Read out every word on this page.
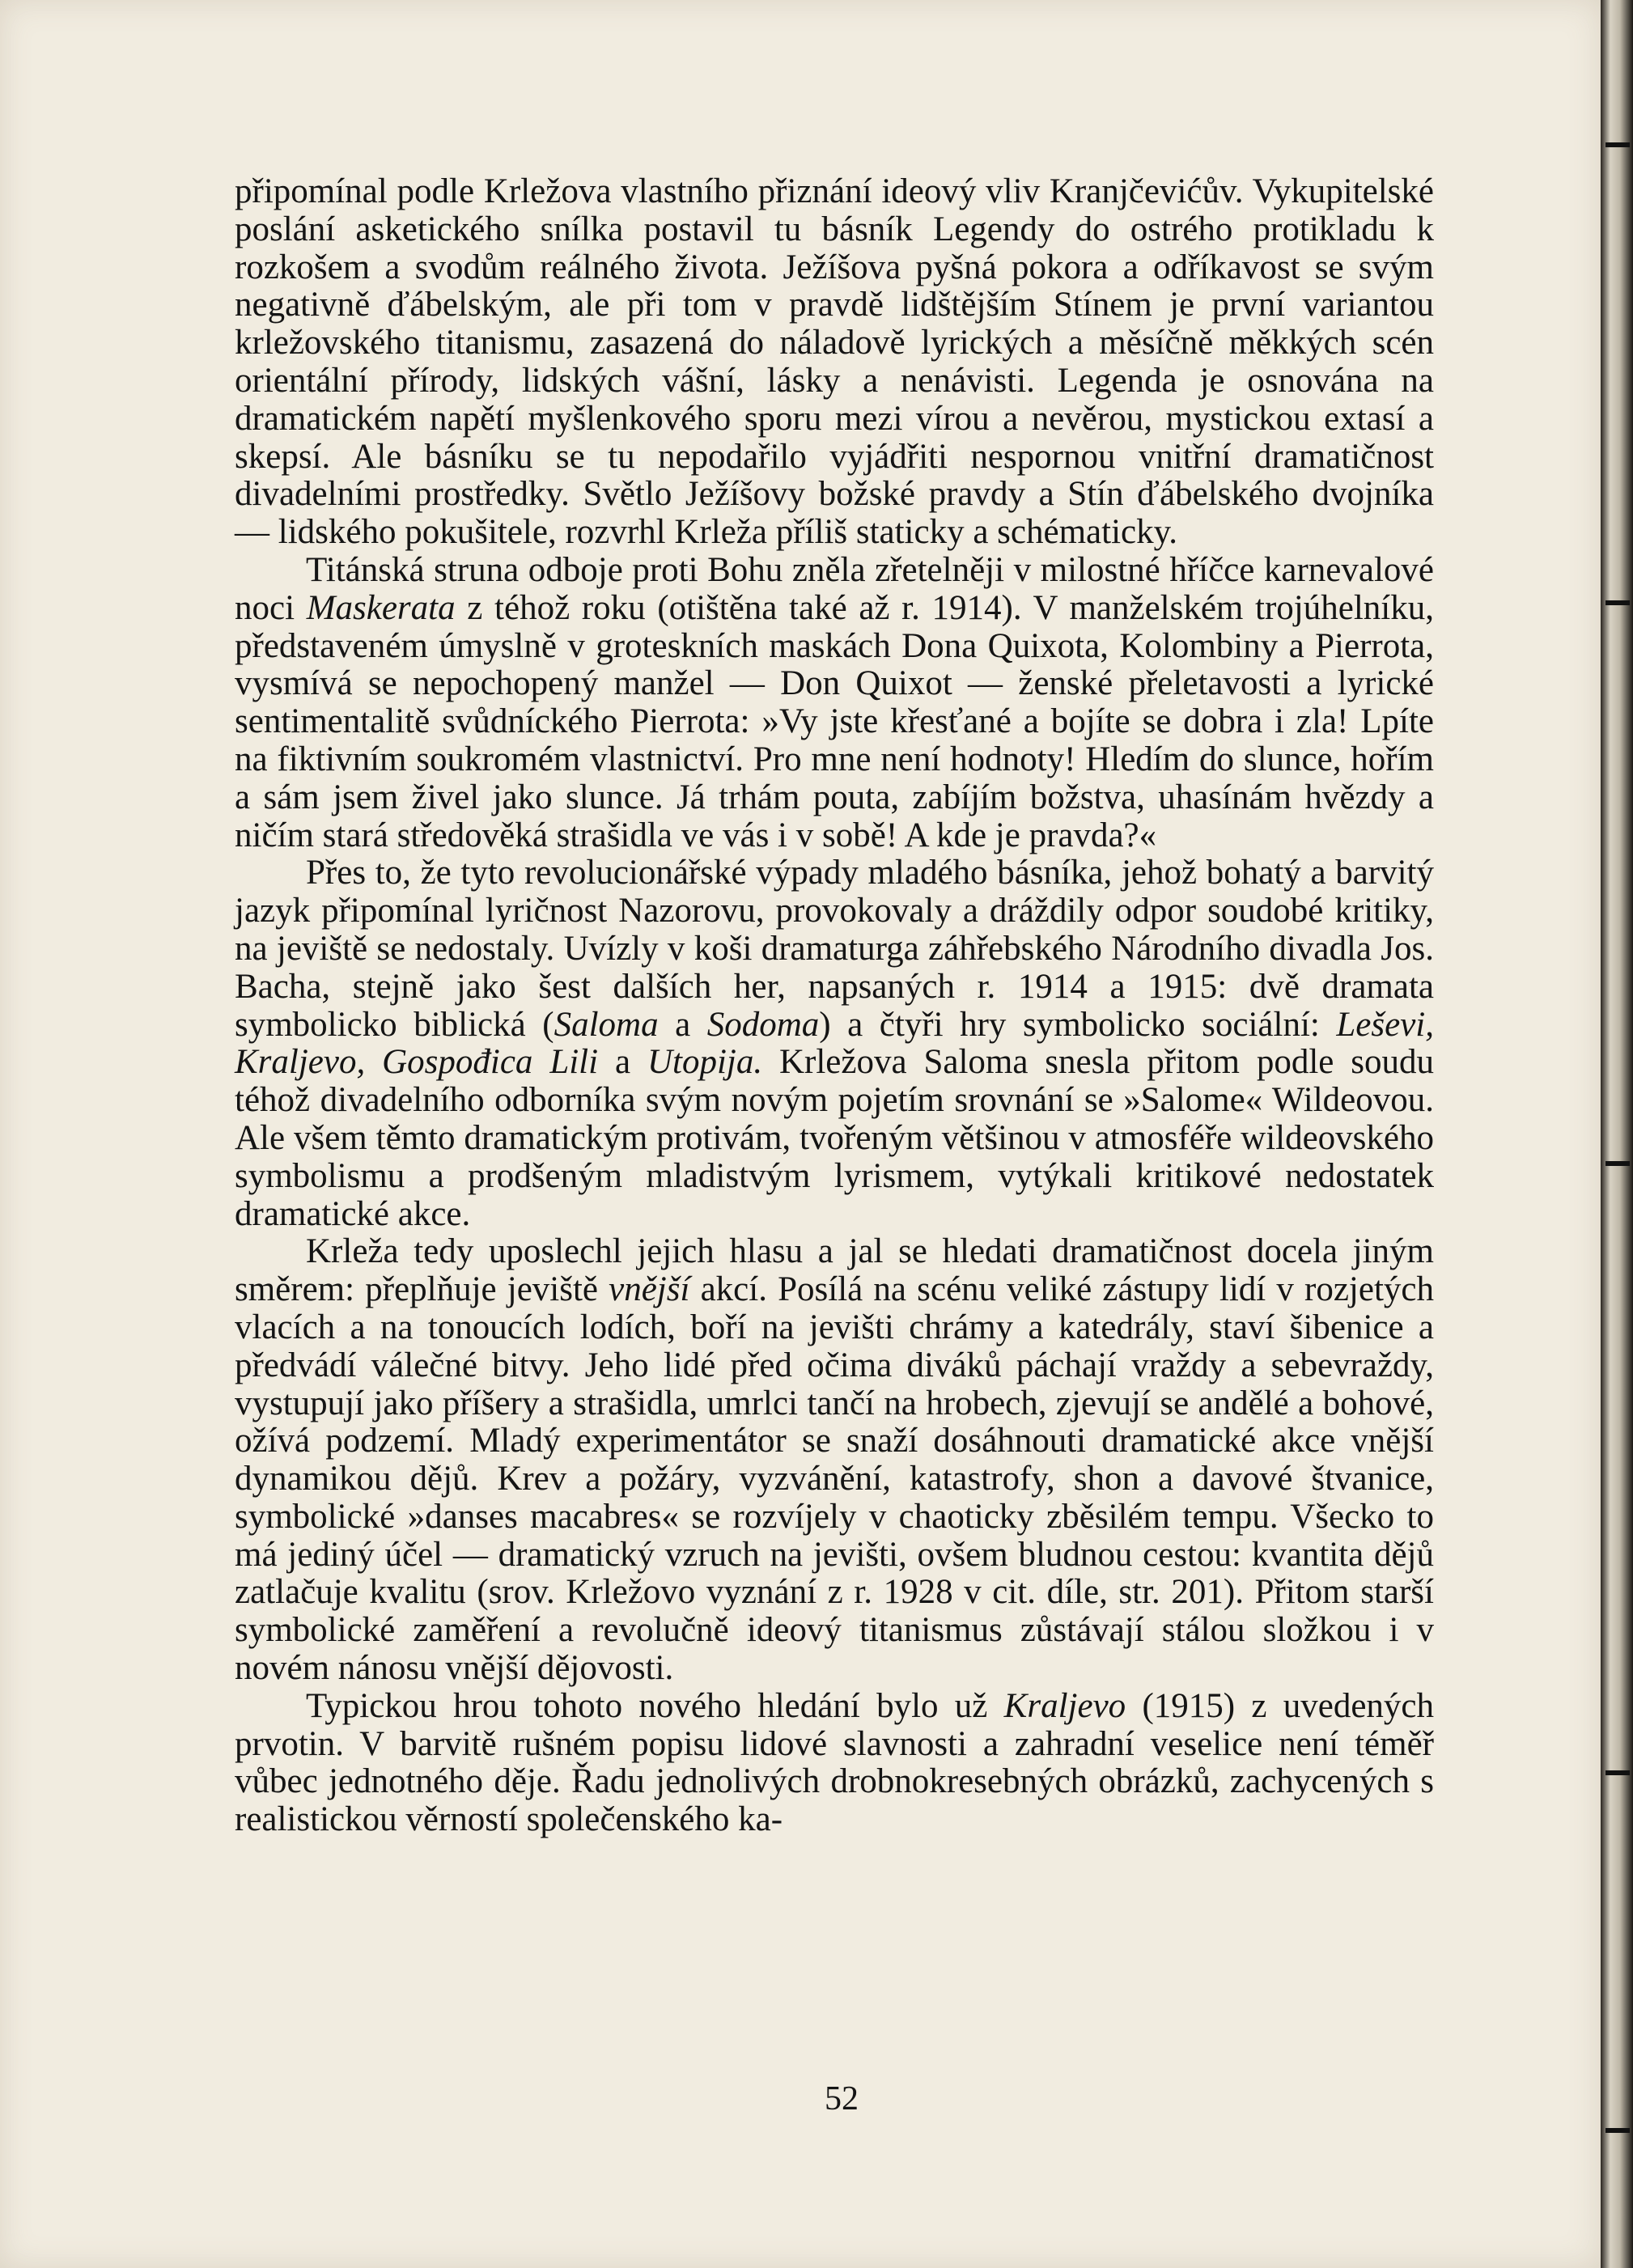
připomínal podle Krležova vlastního přiznání ideový vliv Kranjčevićův. Vykupitelské poslání asketického snílka postavil tu básník Legendy do ostrého protikladu k rozkošem a svodům reálného života. Ježíšova pyšná pokora a odříkavost se svým negativně ďábelským, ale při tom v pravdě lidštějším Stínem je první variantou krležovského titanismu, zasazená do náladově lyrických a měsíčně měkkých scén orientální přírody, lidských vášní, lásky a nenávisti. Legenda je osnována na dramatickém napětí myšlenkového sporu mezi vírou a nevěrou, mystickou extasí a skepsí. Ale básníku se tu nepodařilo vyjádřiti nespornou vnitřní dramatičnost divadelními prostředky. Světlo Ježíšovy božské pravdy a Stín ďábelského dvojníka — lidského pokušitele, rozvrhl Krleža příliš staticky a schématicky.

Titánská struna odboje proti Bohu zněla zřetelněji v milostné hříčce karnevalové noci Maskerata z téhož roku (otištěna také až r. 1914). V manželském trojúhelníku, představeném úmyslně v groteskních maskách Dona Quixota, Kolombiny a Pierrota, vysmívá se nepochopený manžel — Don Quixot — ženské přeletavosti a lyrické sentimentalitě svůdníckého Pierrota: »Vy jste křesťané a bojíte se dobra i zla! Lpíte na fiktivním soukromém vlastnictví. Pro mne není hodnoty! Hledím do slunce, hořím a sám jsem živel jako slunce. Já trhám pouta, zabíjím božstva, uhasínám hvězdy a ničím stará středověká strašidla ve vás i v sobě! A kde je pravda?«

Přes to, že tyto revolucionářské výpady mladého básníka, jehož bohatý a barvitý jazyk připomínal lyričnost Nazorovu, provokovaly a dráždily odpor soudobé kritiky, na jeviště se nedostaly. Uvízly v koši dramaturga záhřebského Národního divadla Jos. Bacha, stejně jako šest dalších her, napsaných r. 1914 a 1915: dvě dramata symbolicko biblická (Saloma a Sodoma) a čtyři hry symbolicko sociální: Leševi, Kraljevo, Gospođica Lili a Utopija. Krležova Saloma snesla přitom podle soudu téhož divadelního odborníka svým novým pojetím srovnání se »Salome« Wildeovou. Ale všem těmto dramatickým protivám, tvořeným většinou v atmosféře wildeovského symbolismu a prodšeným mladistvým lyrismem, vytýkali kritikové nedostatek dramatické akce.

Krleža tedy uposlechl jejich hlasu a jal se hledati dramatičnost docela jiným směrem: přeplňuje jeviště vnější akcí. Posílá na scénu veliké zástupy lidí v rozjetých vlacích a na tonoucích lodích, boří na jevišti chrámy a katedrály, staví šibenice a předvádí válečné bitvy. Jeho lidé před očima diváků páchají vraždy a sebevraždy, vystupují jako příšery a strašidla, umrlci tančí na hrobech, zjevují se andělé a bohové, ožívá podzemí. Mladý experimentátor se snaží dosáhnouti dramatické akce vnější dynamikou dějů. Krev a požáry, vyzvánění, katastrofy, shon a davové štvanice, symbolické »danses macabres« se rozvíjely v chaoticky zběsilém tempu. Všecko to má jediný účel — dramatický vzruch na jevišti, ovšem bludnou cestou: kvantita dějů zatlačuje kvalitu (srov. Krležovo vyznání z r. 1928 v cit. díle, str. 201). Přitom starší symbolické zaměření a revolučně ideový titanismus zůstávají stálou složkou i v novém nánosu vnější dějovosti.

Typickou hrou tohoto nového hledání bylo už Kraljevo (1915) z uvedených prvotin. V barvitě rušném popisu lidové slavnosti a zahradní veselice není téměř vůbec jednotného děje. Řadu jednolivých drobnokresebných obrázků, zachycených s realistickou věrností společenského ka-

52
